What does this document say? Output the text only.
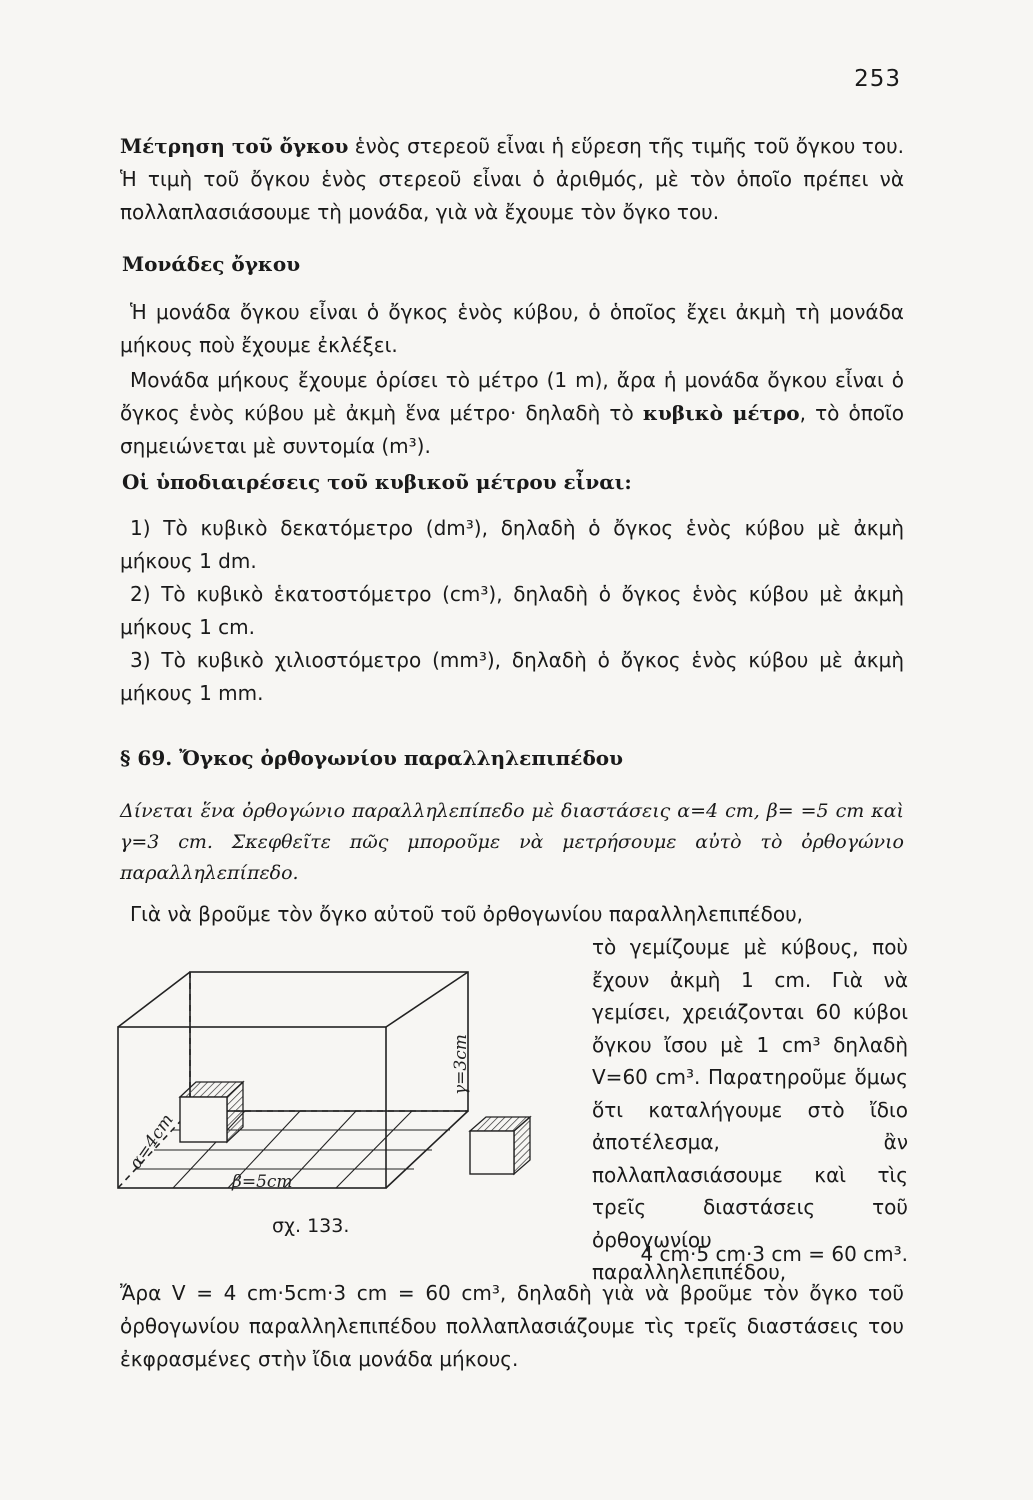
253

Μέτρηση τοῦ ὄγκου ἑνὸς στερεοῦ εἶναι ἡ εὕρεση τῆς τιμῆς τοῦ ὄγκου του. Ἡ τιμὴ τοῦ ὄγκου ἑνὸς στερεοῦ εἶναι ὁ ἀριθμός, μὲ τὸν ὁποῖο πρέπει νὰ πολλαπλασιάσουμε τὴ μονάδα, γιὰ νὰ ἔχουμε τὸν ὄγκο του.

Μονάδες ὄγκου
Ἡ μονάδα ὄγκου εἶναι ὁ ὄγκος ἑνὸς κύβου, ὁ ὁποῖος ἔχει ἀκμὴ τὴ μονάδα μήκους ποὺ ἔχουμε ἐκλέξει.

Μονάδα μήκους ἔχουμε ὁρίσει τὸ μέτρο (1 m), ἄρα ἡ μονάδα ὄγκου εἶναι ὁ ὄγκος ἑνὸς κύβου μὲ ἀκμὴ ἕνα μέτρο· δηλαδὴ τὸ κυβικὸ μέτρο, τὸ ὁποῖο σημειώνεται μὲ συντομία (m³).

Οἱ ὑποδιαιρέσεις τοῦ κυβικοῦ μέτρου εἶναι:
1) Τὸ κυβικὸ δεκατόμετρο (dm³), δηλαδὴ ὁ ὄγκος ἑνὸς κύβου μὲ ἀκμὴ μήκους 1 dm.
2) Τὸ κυβικὸ ἑκατοστόμετρο (cm³), δηλαδὴ ὁ ὄγκος ἑνὸς κύβου μὲ ἀκμὴ μήκους 1 cm.
3) Τὸ κυβικὸ χιλιοστόμετρο (mm³), δηλαδὴ ὁ ὄγκος ἑνὸς κύβου μὲ ἀκμὴ μήκους 1 mm.
§ 69. Ὄγκος ὀρθογωνίου παραλληλεπιπέδου
Δίνεται ἕνα ὀρθογώνιο παραλληλεπίπεδο μὲ διαστάσεις α=4 cm, β= =5 cm καὶ γ=3 cm. Σκεφθεῖτε πῶς μποροῦμε νὰ μετρήσουμε αὐτὸ τὸ ὀρθογώνιο παραλληλεπίπεδο.
Γιὰ νὰ βροῦμε τὸν ὄγκο αὐτοῦ τοῦ ὀρθογωνίου παραλληλεπιπέδου,
α=4cm
β=5cm
γ=3cm
σχ. 133.
τὸ γεμίζουμε μὲ κύβους, ποὺ ἔχουν ἀκμὴ 1 cm. Γιὰ νὰ γεμίσει, χρειάζονται 60 κύβοι ὄγκου ἴσου μὲ 1 cm³ δηλαδὴ V=60 cm³. Παρατηροῦμε ὅμως ὅτι καταλήγουμε στὸ ἴδιο ἀποτέλεσμα, ἂν πολλαπλασιάσουμε καὶ τὶς τρεῖς διαστάσεις τοῦ ὀρθογωνίου παραλληλεπιπέδου,
4 cm·5 cm·3 cm = 60 cm³.
Ἄρα V = 4 cm·5cm·3 cm = 60 cm³, δηλαδὴ γιὰ νὰ βροῦμε τὸν ὄγκο τοῦ ὀρθογωνίου παραλληλεπιπέδου πολλαπλασιάζουμε τὶς τρεῖς διαστάσεις του ἐκφρασμένες στὴν ἴδια μονάδα μήκους.
